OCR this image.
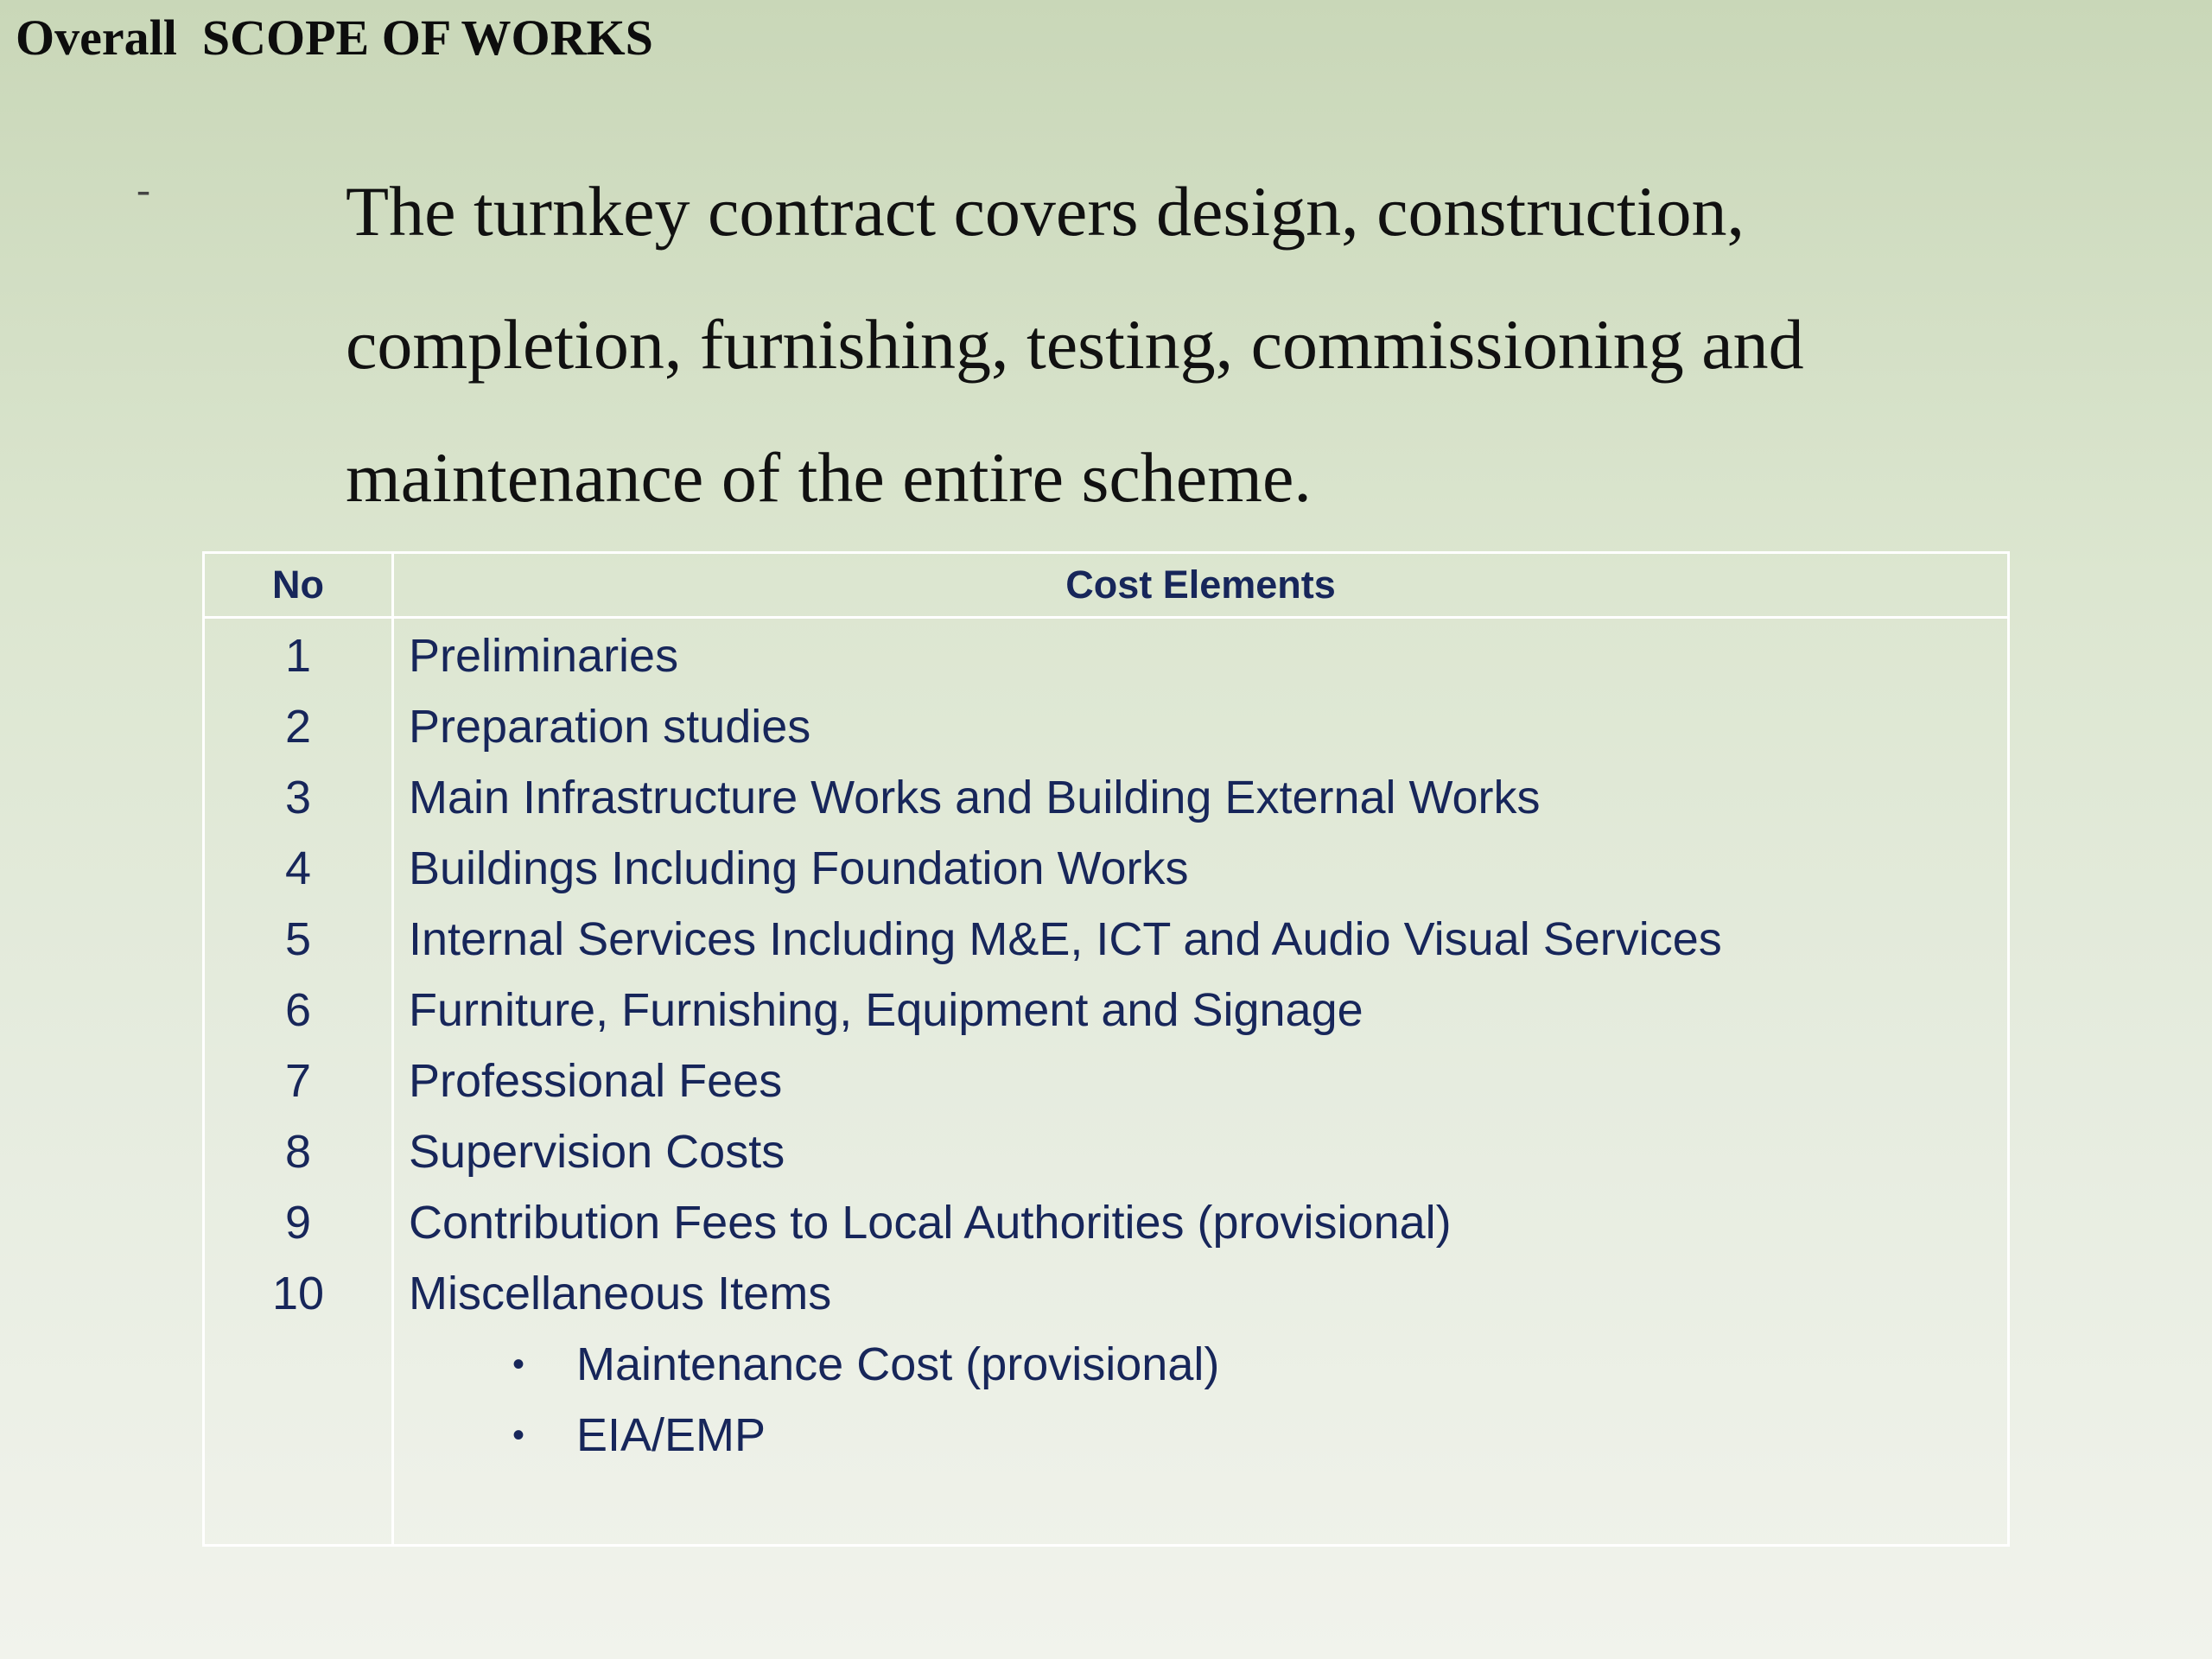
Overall  SCOPE OF WORKS
-	The turnkey contract covers design, construction, completion, furnishing, testing, commissioning and maintenance of the entire scheme.

No	Cost Elements
1	Preliminaries
2	Preparation studies
3	Main Infrastructure Works and Building External Works
4	Buildings Including Foundation Works
5	Internal Services Including M&E, ICT and Audio Visual Services
6	Furniture, Furnishing, Equipment and Signage
7	Professional Fees
8	Supervision Costs
9	Contribution Fees to Local Authorities (provisional)
10	Miscellaneous Items
• Maintenance Cost (provisional)
• EIA/EMP
